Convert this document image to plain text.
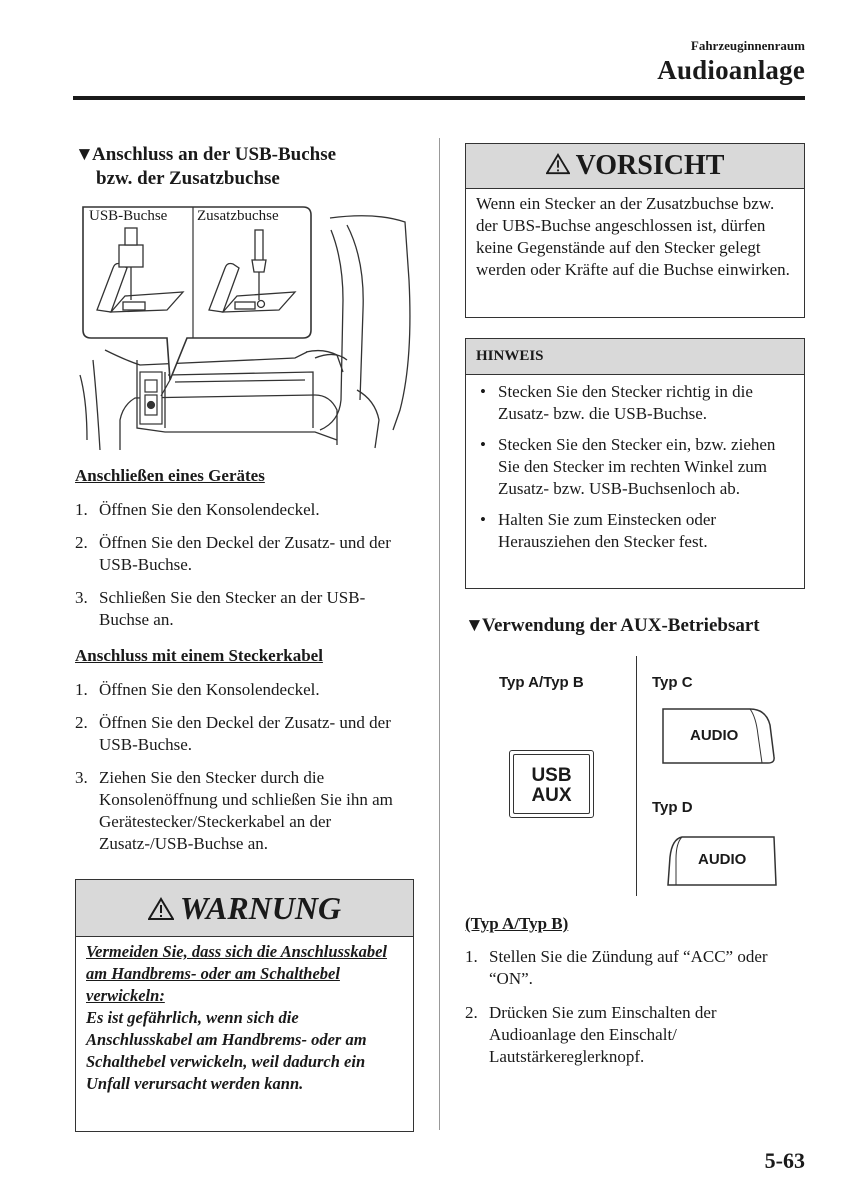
Fahrzeuginnenraum
Audioanlage
▼Anschluss an der USB-Buchse
bzw. der Zusatzbuchse
USB-Buchse Zusatzbuchse
Anschließen eines Gerätes
1. Öffnen Sie den Konsolendeckel.
2. Öffnen Sie den Deckel der Zusatz- und der USB-Buchse.
3. Schließen Sie den Stecker an der USB-Buchse an.
Anschluss mit einem Steckerkabel
1. Öffnen Sie den Konsolendeckel.
2. Öffnen Sie den Deckel der Zusatz- und der USB-Buchse.
3. Ziehen Sie den Stecker durch die Konsolenöffnung und schließen Sie ihn am Gerätestecker/Steckerkabel an der Zusatz-/USB-Buchse an.
WARNUNG
Vermeiden Sie, dass sich die Anschlusskabel am Handbrems- oder am Schalthebel verwickeln:
Es ist gefährlich, wenn sich die Anschlusskabel am Handbrems- oder am Schalthebel verwickeln, weil dadurch ein Unfall verursacht werden kann.
VORSICHT
Wenn ein Stecker an der Zusatzbuchse bzw. der UBS-Buchse angeschlossen ist, dürfen keine Gegenstände auf den Stecker gelegt werden oder Kräfte auf die Buchse einwirken.
HINWEIS
• Stecken Sie den Stecker richtig in die Zusatz- bzw. die USB-Buchse.
• Stecken Sie den Stecker ein, bzw. ziehen Sie den Stecker im rechten Winkel zum Zusatz- bzw. USB-Buchsenloch ab.
• Halten Sie zum Einstecken oder Herausziehen den Stecker fest.
▼Verwendung der AUX-Betriebsart
Typ A/Typ B	Typ C
Typ D
USB
AUX
AUDIO
AUDIO
(Typ A/Typ B)
1. Stellen Sie die Zündung auf “ACC” oder “ON”.
2. Drücken Sie zum Einschalten der Audioanlage den Einschalt/ Lautstärkereglerknopf.
5-63
